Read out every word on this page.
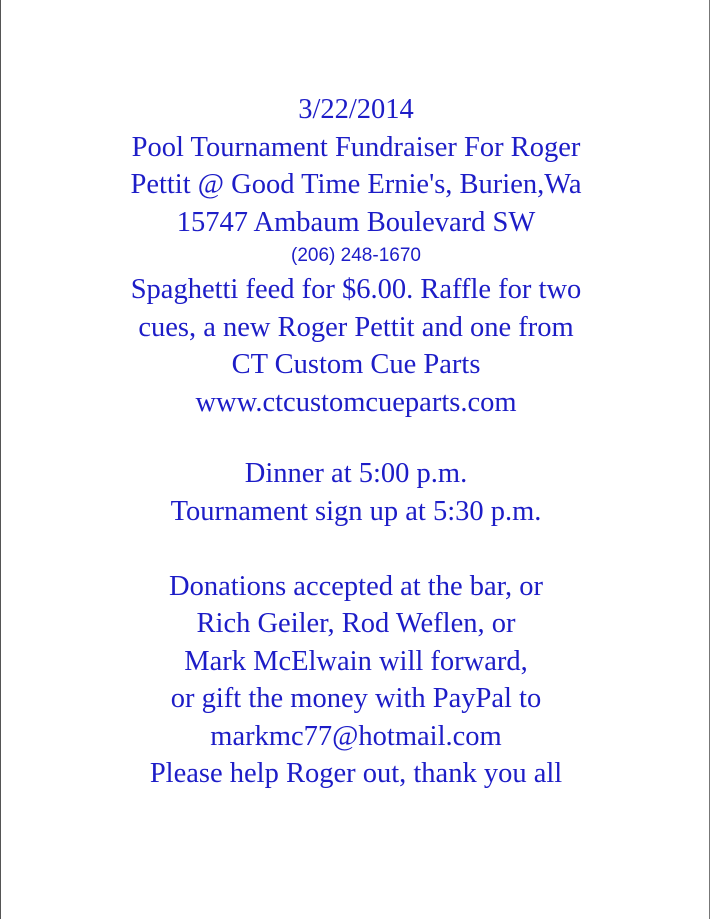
3/22/2014
Pool Tournament Fundraiser For Roger
Pettit @ Good Time Ernie's, Burien,Wa
15747 Ambaum Boulevard SW
(206) 248-1670
Spaghetti feed for $6.00. Raffle for two
cues, a new Roger Pettit and one from
CT Custom Cue Parts
www.ctcustomcueparts.com
Dinner at 5:00 p.m.
Tournament sign up at 5:30 p.m.
Donations accepted at the bar, or
Rich Geiler, Rod Weflen, or
Mark McElwain will forward,
or gift the money with PayPal to
markmc77@hotmail.com
Please help Roger out, thank you all
